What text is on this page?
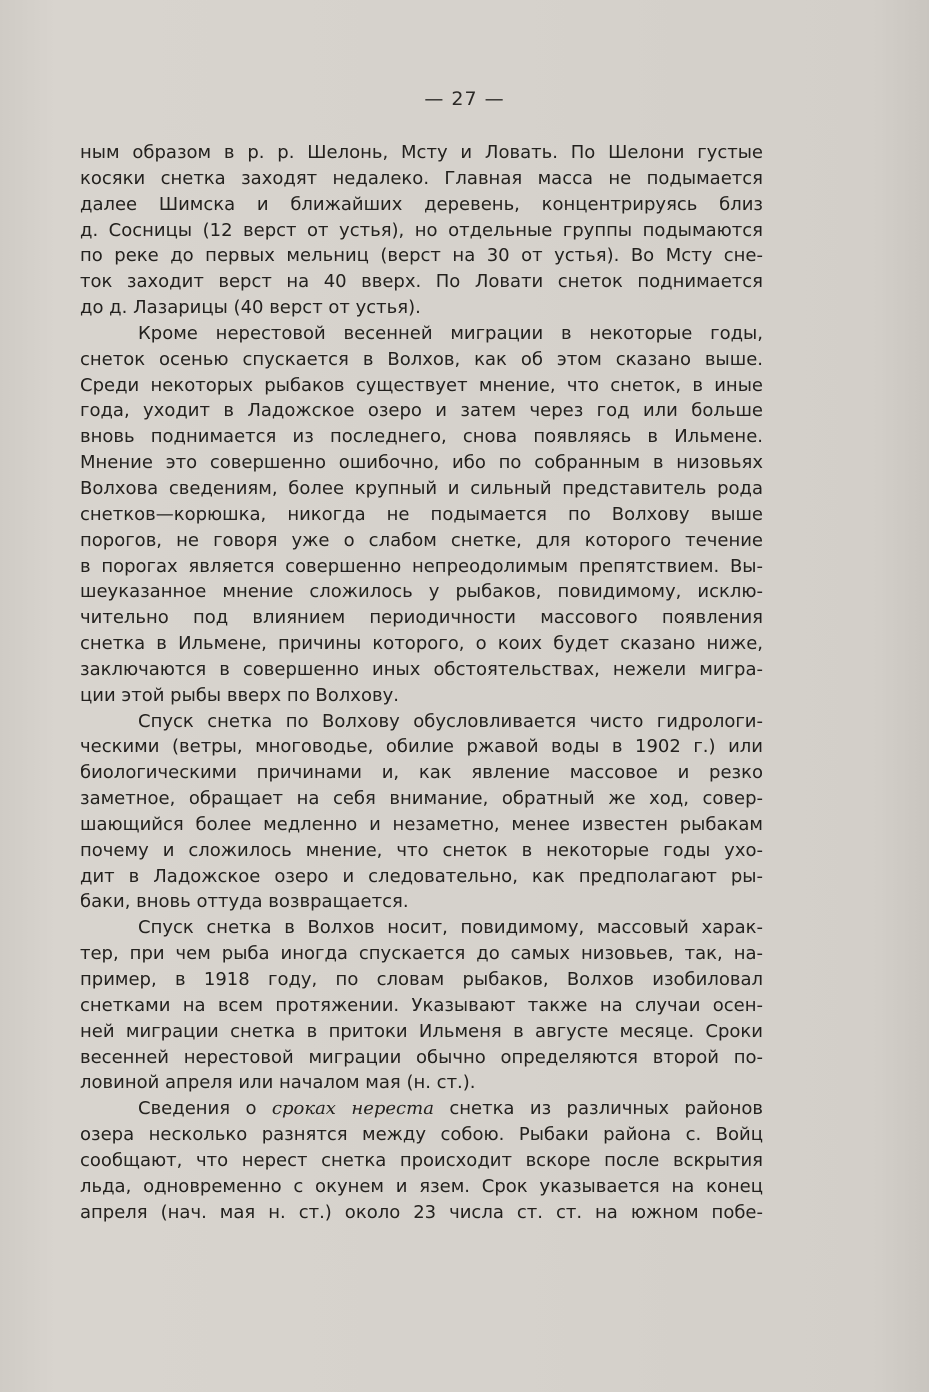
— 27 —
ным образом в р. р. Шелонь, Мсту и Ловать. По Шелони густые
косяки снетка заходят недалеко. Главная масса не подымается
далее Шимска и ближайших деревень, концентрируясь близ
д. Сосницы (12 верст от устья), но отдельные группы подымаются
по реке до первых мельниц (верст на 30 от устья). Во Мсту сне-
ток заходит верст на 40 вверх. По Ловати снеток поднимается
до д. Лазарицы (40 верст от устья).
Кроме нерестовой весенней миграции в некоторые годы,
снеток осенью спускается в Волхов, как об этом сказано выше.
Среди некоторых рыбаков существует мнение, что снеток, в иные
года, уходит в Ладожское озеро и затем через год или больше
вновь поднимается из последнего, снова появляясь в Ильмене.
Мнение это совершенно ошибочно, ибо по собранным в низовьях
Волхова сведениям, более крупный и сильный представитель рода
снетков—корюшка, никогда не подымается по Волхову выше
порогов, не говоря уже о слабом снетке, для которого течение
в порогах является совершенно непреодолимым препятствием. Вы-
шеуказанное мнение сложилось у рыбаков, повидимому, исклю-
чительно под влиянием периодичности массового появления
снетка в Ильмене, причины которого, о коих будет сказано ниже,
заключаются в совершенно иных обстоятельствах, нежели мигра-
ции этой рыбы вверх по Волхову.
Спуск снетка по Волхову обусловливается чисто гидрологи-
ческими (ветры, многоводье, обилие ржавой воды в 1902 г.) или
биологическими причинами и, как явление массовое и резко
заметное, обращает на себя внимание, обратный же ход, совер-
шающийся более медленно и незаметно, менее известен рыбакам
почему и сложилось мнение, что снеток в некоторые годы ухо-
дит в Ладожское озеро и следовательно, как предполагают ры-
баки, вновь оттуда возвращается.
Спуск снетка в Волхов носит, повидимому, массовый харак-
тер, при чем рыба иногда спускается до самых низовьев, так, на-
пример, в 1918 году, по словам рыбаков, Волхов изобиловал
снетками на всем протяжении. Указывают также на случаи осен-
ней миграции снетка в притоки Ильменя в августе месяце. Сроки
весенней нерестовой миграции обычно определяются второй по-
ловиной апреля или началом мая (н. ст.).
Сведения о сроках нереста снетка из различных районов
озера несколько разнятся между собою. Рыбаки района с. Войц
сообщают, что нерест снетка происходит вскоре после вскрытия
льда, одновременно с окунем и язем. Срок указывается на конец
апреля (нач. мая н. ст.) около 23 числа ст. ст. на южном побе-
